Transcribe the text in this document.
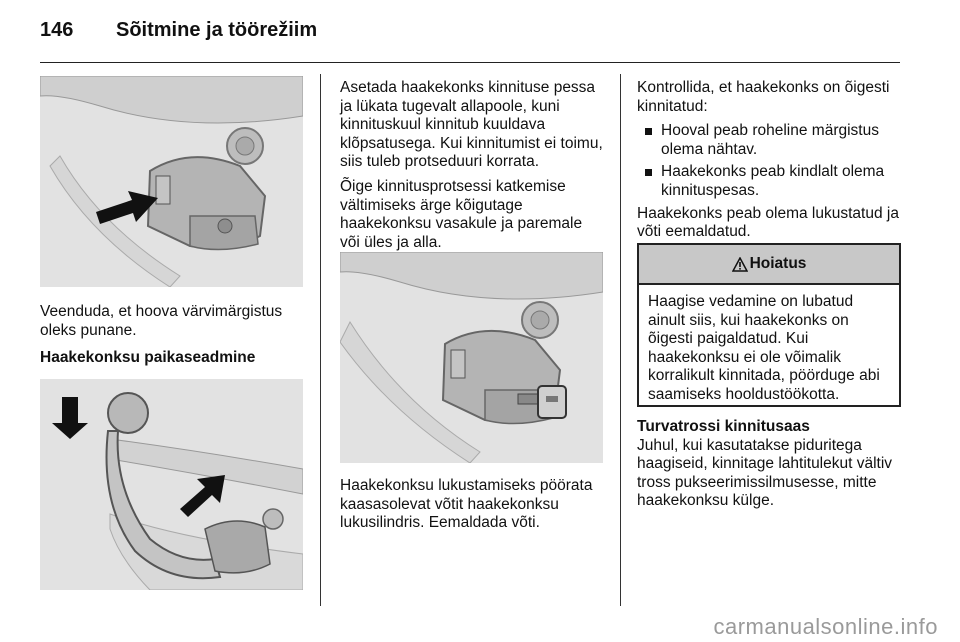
146 Sõitmine ja töörežiim

Veenduda, et hoova värvimärgistus oleks punane.

Haakekonksu paikaseadmine

Asetada haakekonks kinnituse pessa ja lükata tugevalt allapoole, kuni kinnituskuul kinnitub kuuldava klõpsatusega. Kui kinnitumist ei toimu, siis tuleb protseduuri korrata.

Õige kinnitusprotsessi katkemise vältimiseks ärge kõigutage haakekonksu vasakule ja paremale või üles ja alla.

Haakekonksu lukustamiseks pöörata kaasasolevat võtit haakekonksu lukusilindris. Eemaldada võti.

Kontrollida, et haakekonks on õigesti kinnitatud:

Hooval peab roheline märgistus olema nähtav.
Haakekonks peab kindlalt olema kinnituspesas.

Haakekonks peab olema lukustatud ja võti eemaldatud.

Hoiatus
Haagise vedamine on lubatud ainult siis, kui haakekonks on õigesti paigaldatud. Kui haakekonksu ei ole võimalik korralikult kinnitada, pöörduge abi saamiseks hooldustöökotta.
Turvatrossi kinnitusaas

Juhul, kui kasutatakse piduritega haagiseid, kinnitage lahtitulekut vältiv tross pukseerimissilmusesse, mitte haakekonksu külge.

carmanualsonline.info
